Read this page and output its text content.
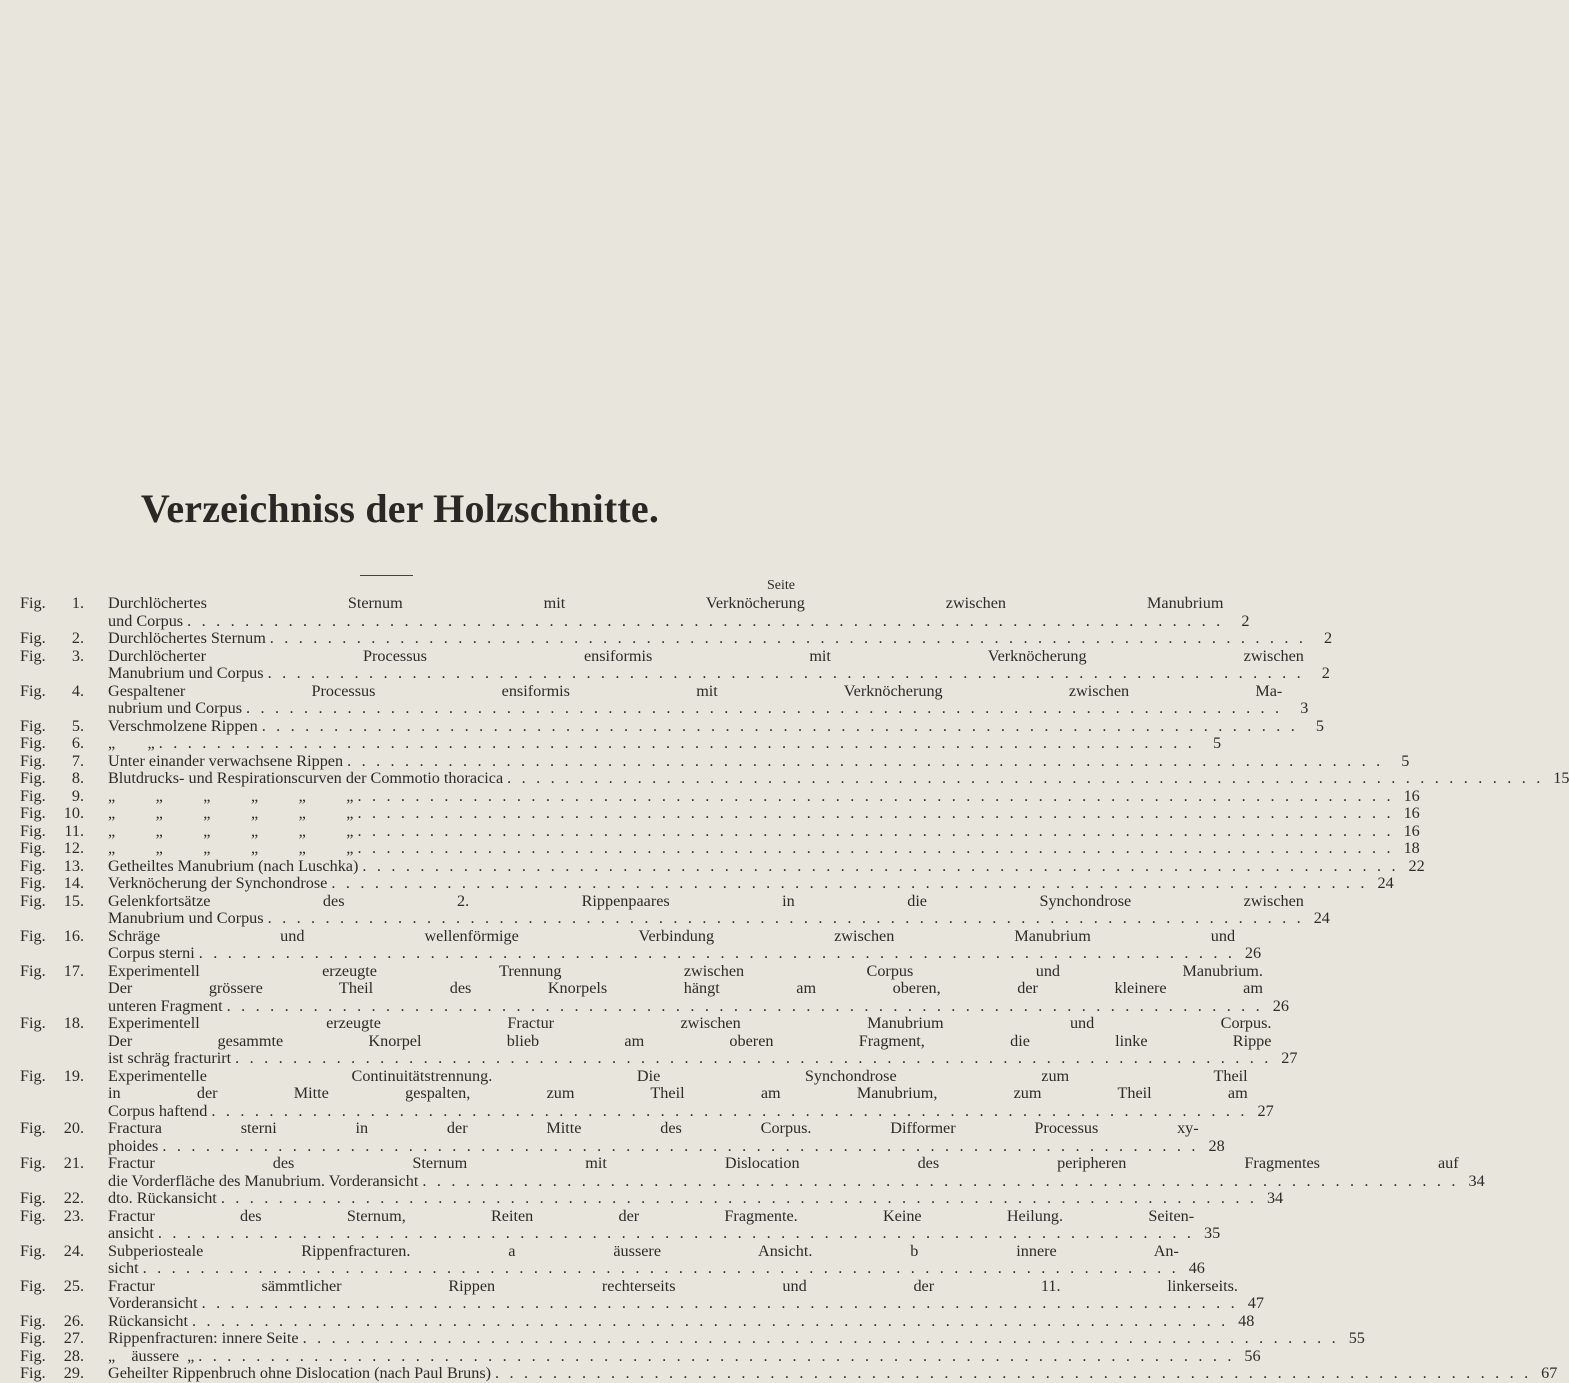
Verzeichniss der Holzschnitte.
Seite
Fig.	1. Durchlöchertes Sternum mit Verknöcherung zwischen Manubrium
und Corpus . . .	2
Fig.	2. Durchlöchertes Sternum . . .	2
Fig.	3. Durchlöcherter Processus ensiformis mit Verknöcherung zwischen
Manubrium und Corpus . . .	2
Fig.	4. Gespaltener Processus ensiformis mit Verknöcherung zwischen Ma-
nubrium und Corpus . . .	3
Fig.	5. Verschmolzene Rippen . . .	5
Fig.	6. „        „ . . .	5
Fig.	7. Unter einander verwachsene Rippen . . .	5
Fig.	8. Blutdrucks- und Respirationscurven der Commotio thoracica . . .	15
Fig.	9. „          „          „          „          „          „ . . .	16
Fig.	10. „          „          „          „          „          „ . . .	16
Fig.	11. „          „          „          „          „          „ . . .	16
Fig.	12. „          „          „          „          „          „ . . .	18
Fig.	13. Getheiltes Manubrium (nach Luschka) . . .	22
Fig.	14. Verknöcherung der Synchondrose . . .	24
Fig.	15. Gelenkfortsätze des 2. Rippenpaares in die Synchondrose zwischen
Manubrium und Corpus . . .	24
Fig.	16. Schräge und wellenförmige Verbindung zwischen Manubrium und
Corpus sterni . . .	26
Fig.	17. Experimentell erzeugte Trennung zwischen Corpus und Manubrium.
Der grössere Theil des Knorpels hängt am oberen, der kleinere am
unteren Fragment . . .	26
Fig.	18. Experimentell erzeugte Fractur zwischen Manubrium und Corpus.
Der gesammte Knorpel blieb am oberen Fragment, die linke Rippe
ist schräg fracturirt . . .	27
Fig.	19. Experimentelle Continuitätstrennung. Die Synchondrose zum Theil
in der Mitte gespalten, zum Theil am Manubrium, zum Theil am
Corpus haftend . . .	27
Fig.	20. Fractura sterni in der Mitte des Corpus. Difformer Processus xy-
phoides . . .	28
Fig.	21. Fractur des Sternum mit Dislocation des peripheren Fragmentes auf
die Vorderfläche des Manubrium. Vorderansicht . . .	34
Fig.	22. dto. Rückansicht . . .	34
Fig.	23. Fractur des Sternum, Reiten der Fragmente. Keine Heilung. Seiten-
ansicht . . .	35
Fig.	24. Subperiosteale Rippenfracturen. a äussere Ansicht. b innere An-
sicht . . .	46
Fig.	25. Fractur sämmtlicher Rippen rechterseits und der 11. linkerseits.
Vorderansicht . . .	47
Fig.	26. Rückansicht . . .	48
Fig.	27. Rippenfracturen: innere Seite . . .	55
Fig.	28. „    äussere  „ . . .	56
Fig.	29. Geheilter Rippenbruch ohne Dislocation (nach Paul Bruns) . . .	67
